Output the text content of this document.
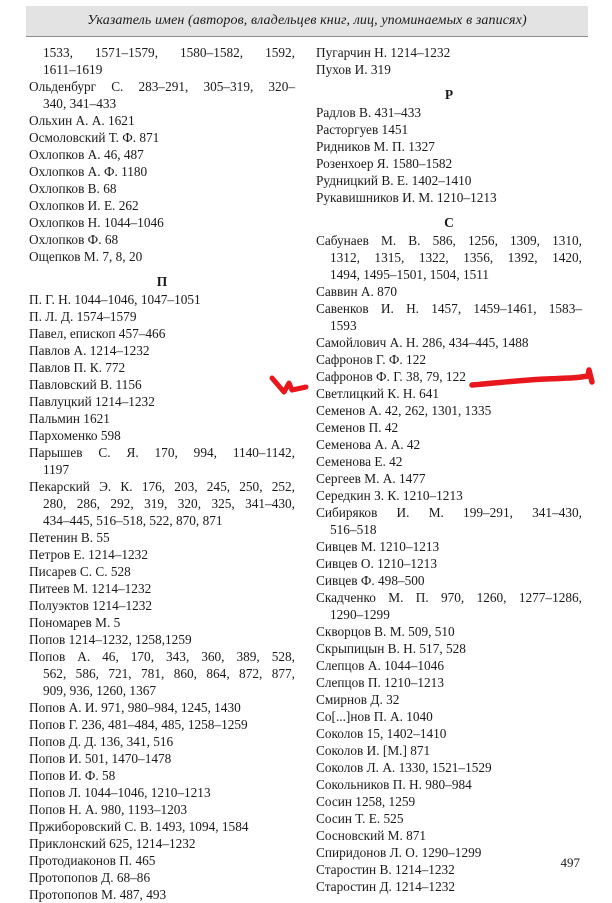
Указатель имен (авторов, владельцев книг, лиц, упоминаемых в записях)
1533, 1571–1579, 1580–1582, 1592,
1611–1619
Ольденбург С. 283–291, 305–319, 320–
340, 341–433
Ольхин А. А. 1621
Осмоловский Т. Ф. 871
Охлопков А. 46, 487
Охлопков А. Ф. 1180
Охлопков В. 68
Охлопков И. Е. 262
Охлопков Н. 1044–1046
Охлопков Ф. 68
Ощепков М. 7, 8, 20
П
П. Г. Н. 1044–1046, 1047–1051
П. Л. Д. 1574–1579
Павел, епископ 457–466
Павлов А. 1214–1232
Павлов П. К. 772
Павловский В. 1156
Павлуцкий 1214–1232
Пальмин 1621
Пархоменко 598
Парышев С. Я. 170, 994, 1140–1142,
1197
Пекарский Э. К. 176, 203, 245, 250, 252,
280, 286, 292, 319, 320, 325, 341–430,
434–445, 516–518, 522, 870, 871
Петенин В. 55
Петров Е. 1214–1232
Писарев С. С. 528
Питеев М. 1214–1232
Полуэктов 1214–1232
Пономарев М. 5
Попов 1214–1232, 1258,1259
Попов А. 46, 170, 343, 360, 389, 528,
562, 586, 721, 781, 860, 864, 872, 877,
909, 936, 1260, 1367
Попов А. И. 971, 980–984, 1245, 1430
Попов Г. 236, 481–484, 485, 1258–1259
Попов Д. Д. 136, 341, 516
Попов И. 501, 1470–1478
Попов И. Ф. 58
Попов Л. 1044–1046, 1210–1213
Попов Н. А. 980, 1193–1203
Пржиборовский С. В. 1493, 1094, 1584
Приклонский 625, 1214–1232
Протодиаконов П. 465
Протопопов Д. 68–86
Протопопов М. 487, 493
Пугарчин Н. 1214–1232
Пухов И. 319
Р
Радлов В. 431–433
Расторгуев 1451
Ридников М. П. 1327
Розенхоер Я. 1580–1582
Рудницкий В. Е. 1402–1410
Рукавишников И. М. 1210–1213
С
Сабунаев М. В. 586, 1256, 1309, 1310,
1312, 1315, 1322, 1356, 1392, 1420,
1494, 1495–1501, 1504, 1511
Саввин А. 870
Савенков И. Н. 1457, 1459–1461, 1583–
1593
Самойлович А. Н. 286, 434–445, 1488
Сафронов Г. Ф. 122
Сафронов Ф. Г. 38, 79, 122
Светлицкий К. Н. 641
Семенов А. 42, 262, 1301, 1335
Семенов П. 42
Семенова А. А. 42
Семенова Е. 42
Сергеев М. А. 1477
Середкин З. К. 1210–1213
Сибиряков И. М. 199–291, 341–430,
516–518
Сивцев М. 1210–1213
Сивцев О. 1210–1213
Сивцев Ф. 498–500
Скадченко М. П. 970, 1260, 1277–1286,
1290–1299
Скворцов В. М. 509, 510
Скрыпицын В. Н. 517, 528
Слепцов А. 1044–1046
Слепцов П. 1210–1213
Смирнов Д. 32
Со[...]нов П. А. 1040
Соколов 15, 1402–1410
Соколов И. [М.] 871
Соколов Л. А. 1330, 1521–1529
Сокольников П. Н. 980–984
Сосин 1258, 1259
Сосин Т. Е. 525
Сосновский М. 871
Спиридонов Л. О. 1290–1299
Старостин В. 1214–1232
Старостин Д. 1214–1232
497
